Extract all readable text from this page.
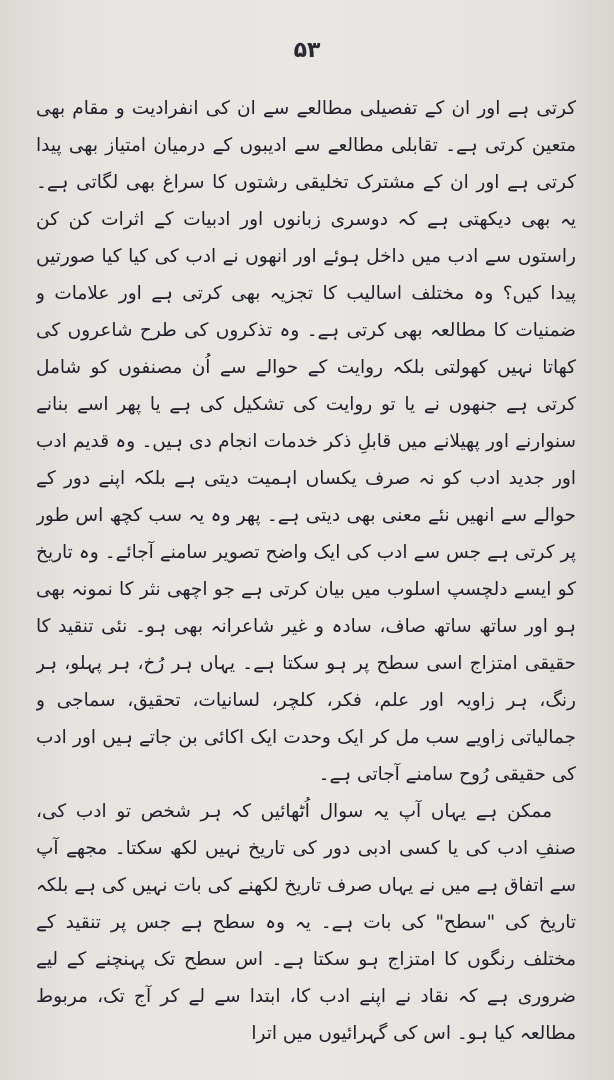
۵۳

کرتی ہے اور ان کے تفصیلی مطالعے سے ان کی انفرادیت و مقام بھی متعین کرتی ہے۔ تقابلی مطالعے سے ادیبوں کے درمیان امتیاز بھی پیدا کرتی ہے اور ان کے مشترک تخلیقی رشتوں کا سراغ بھی لگاتی ہے۔ یہ بھی دیکھتی ہے کہ دوسری زبانوں اور ادبیات کے اثرات کن کن راستوں سے ادب میں داخل ہوئے اور انھوں نے ادب کی کیا کیا صورتیں پیدا کیں؟ وہ مختلف اسالیب کا تجزیہ بھی کرتی ہے اور علامات و ضمنیات کا مطالعہ بھی کرتی ہے۔ وہ تذکروں کی طرح شاعروں کی کھاتا نہیں کھولتی بلکہ روایت کے حوالے سے اُن مصنفوں کو شامل کرتی ہے جنھوں نے یا تو روایت کی تشکیل کی ہے یا پھر اسے بنانے سنوارنے اور پھیلانے میں قابلِ ذکر خدمات انجام دی ہیں۔ وہ قدیم ادب اور جدید ادب کو نہ صرف یکساں اہمیت دیتی ہے بلکہ اپنے دور کے حوالے سے انھیں نئے معنی بھی دیتی ہے۔ پھر وہ یہ سب کچھ اس طور پر کرتی ہے جس سے ادب کی ایک واضح تصویر سامنے آجائے۔ وہ تاریخ کو ایسے دلچسپ اسلوب میں بیان کرتی ہے جو اچھی نثر کا نمونہ بھی ہو اور ساتھ ساتھ صاف، سادہ و غیر شاعرانہ بھی ہو۔ نئی تنقید کا حقیقی امتزاج اسی سطح پر ہو سکتا ہے۔ یہاں ہر رُخ، ہر پہلو، ہر رنگ، ہر زاویہ اور علم، فکر، کلچر، لسانیات، تحقیق، سماجی و جمالیاتی زاویے سب مل کر ایک وحدت ایک اکائی بن جاتے ہیں اور ادب کی حقیقی رُوح سامنے آجاتی ہے۔

ممکن ہے یہاں آپ یہ سوال اُٹھائیں کہ ہر شخص تو ادب کی، صنفِ ادب کی یا کسی ادبی دور کی تاریخ نہیں لکھ سکتا۔ مجھے آپ سے اتفاق ہے میں نے یہاں صرف تاریخ لکھنے کی بات نہیں کی ہے بلکہ تاریخ کی "سطح" کی بات ہے۔ یہ وہ سطح ہے جس پر تنقید کے مختلف رنگوں کا امتزاج ہو سکتا ہے۔ اس سطح تک پہنچنے کے لیے ضروری ہے کہ نقاد نے اپنے ادب کا، ابتدا سے لے کر آج تک، مربوط مطالعہ کیا ہو۔ اس کی گہرائیوں میں اترا
